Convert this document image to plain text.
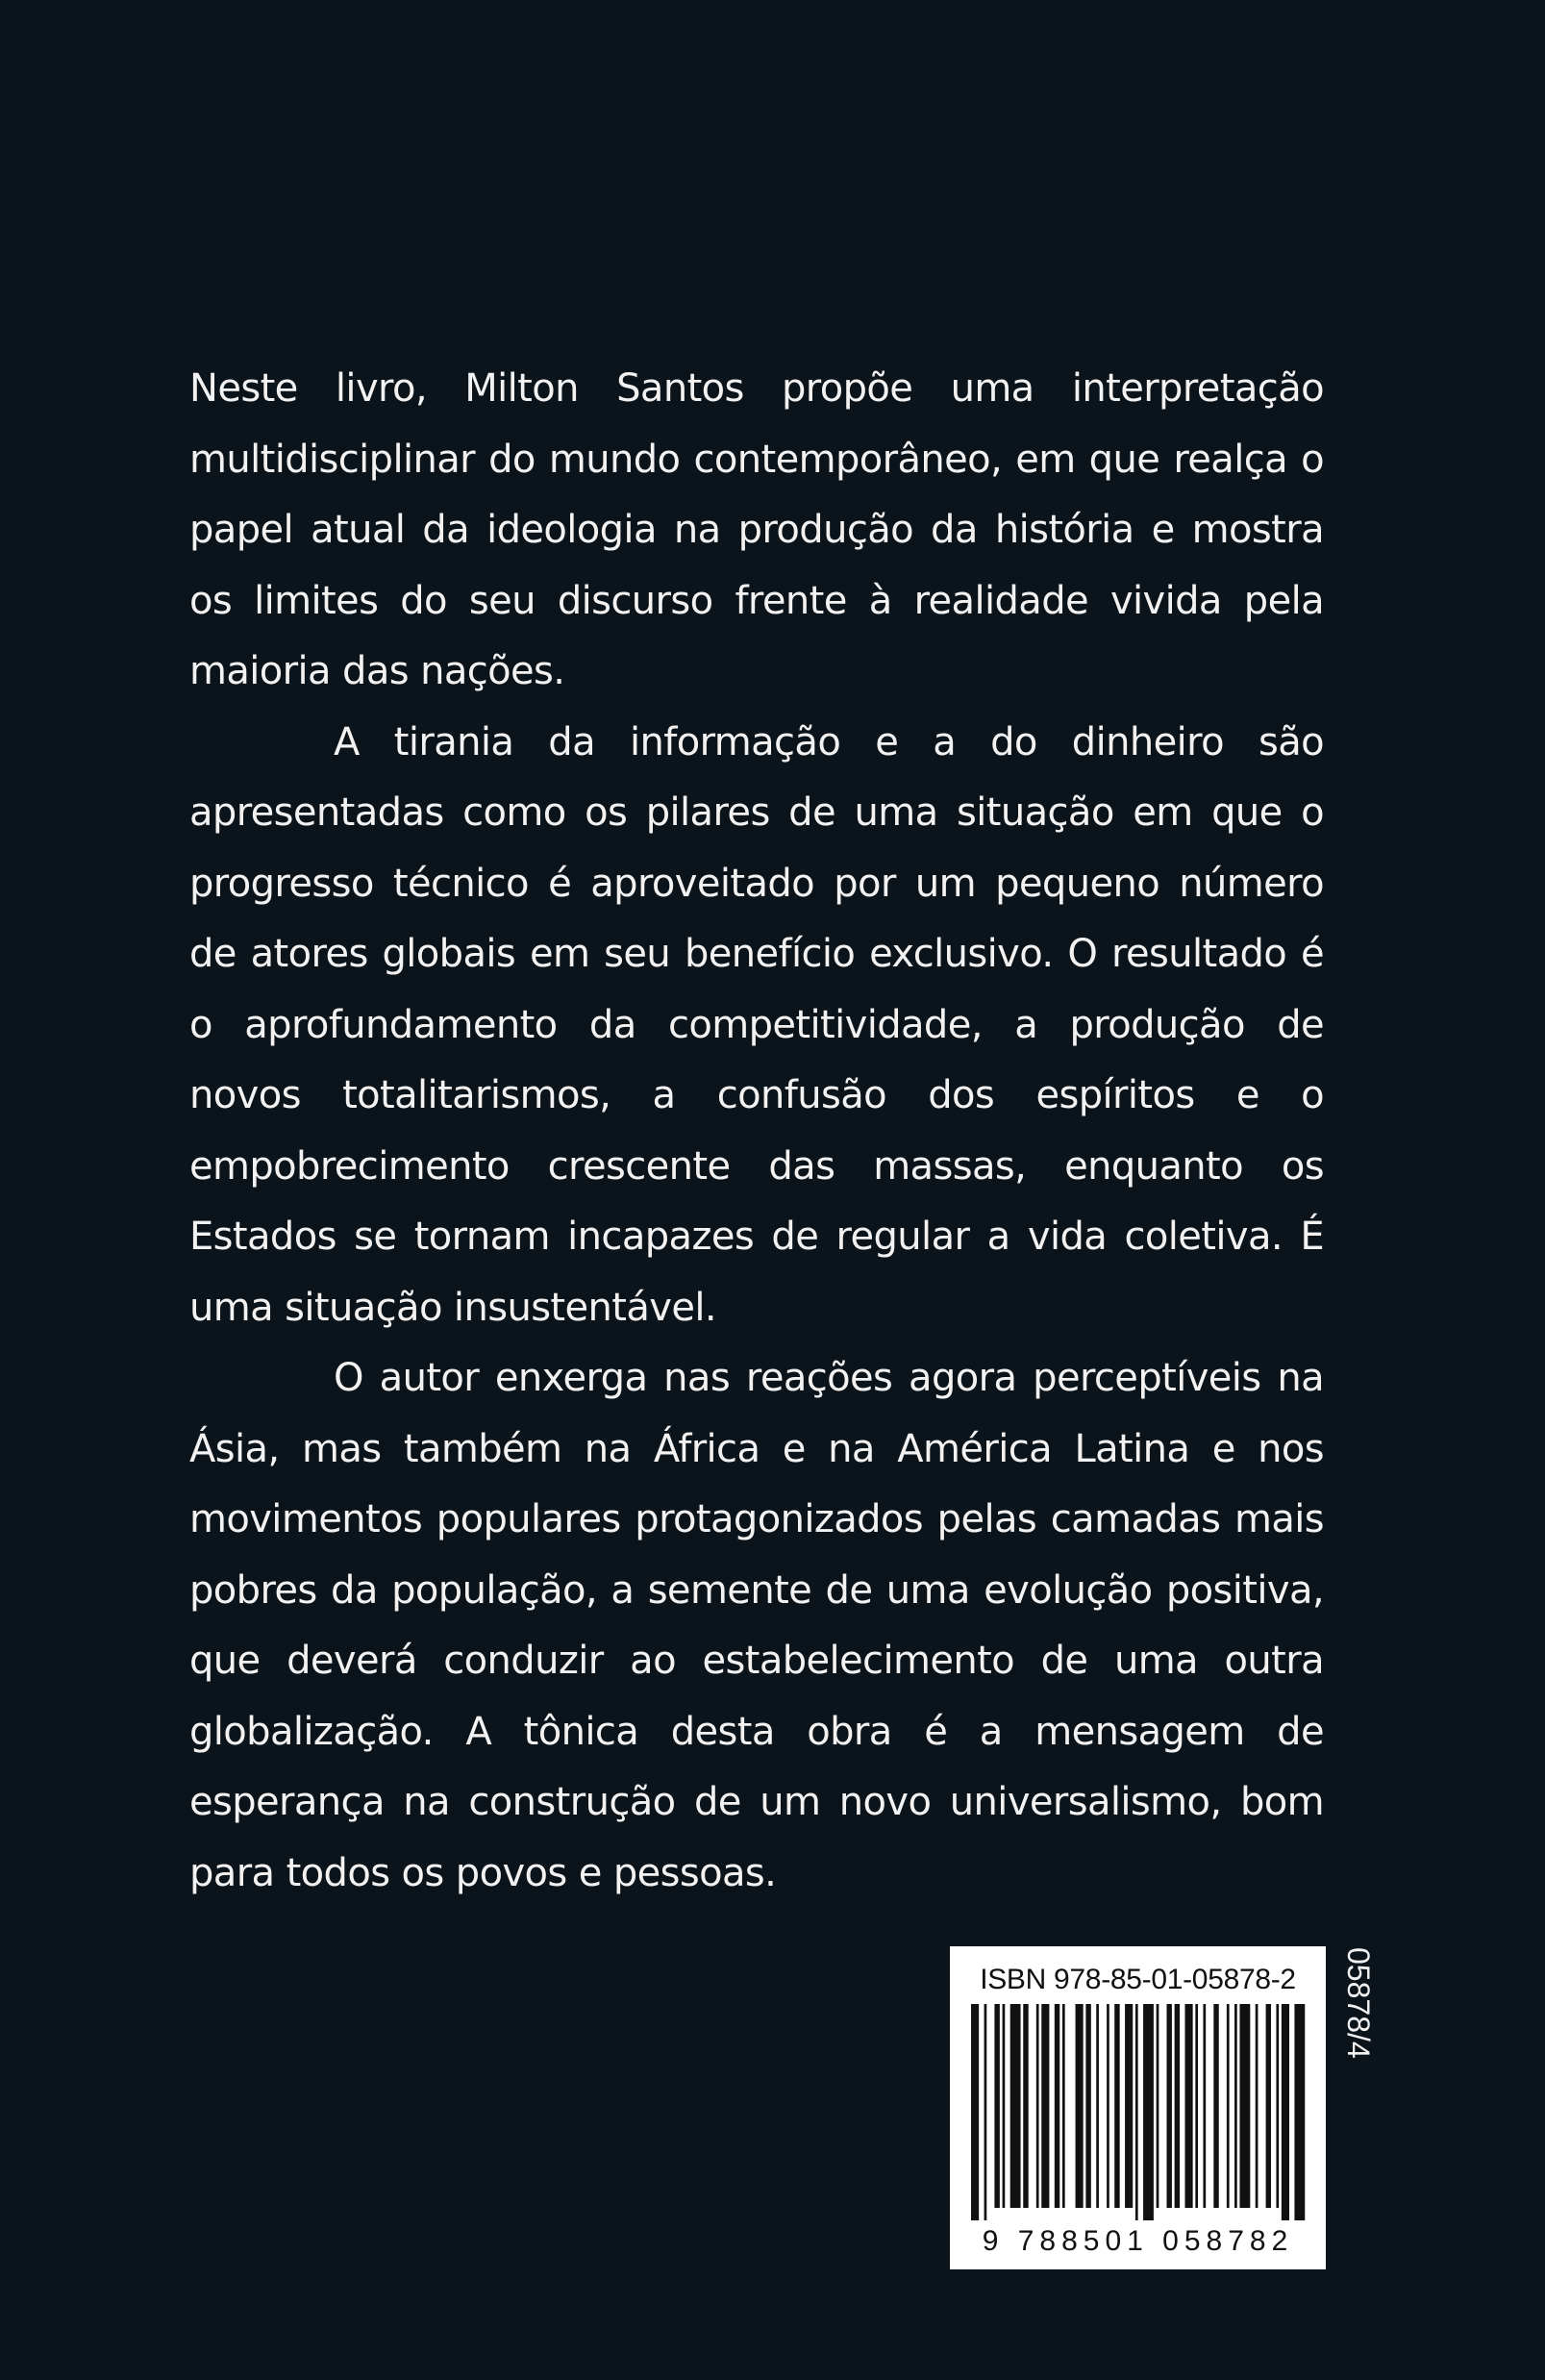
Neste livro, Milton Santos propõe uma interpretação multidisciplinar do mundo contemporâneo, em que realça o papel atual da ideologia na produção da história e mostra os limites do seu discurso frente à realidade vivida pela maioria das nações.

A tirania da informação e a do dinheiro são apresentadas como os pilares de uma situação em que o progresso técnico é aproveitado por um pequeno número de atores globais em seu benefício exclusivo. O resultado é o aprofundamento da competitividade, a produção de novos totalitarismos, a confusão dos espíritos e o empobrecimento crescente das massas, enquanto os Estados se tornam incapazes de regular a vida coletiva. É uma situação insustentável.

O autor enxerga nas reações agora perceptíveis na Ásia, mas também na África e na América Latina e nos movimentos populares protagonizados pelas camadas mais pobres da população, a semente de uma evolução positiva, que deverá conduzir ao estabelecimento de uma outra globalização. A tônica desta obra é a mensagem de esperança na construção de um novo universalismo, bom para todos os povos e pessoas.

ISBN 978-85-01-05878-2

9 788501 058782

05878/4
